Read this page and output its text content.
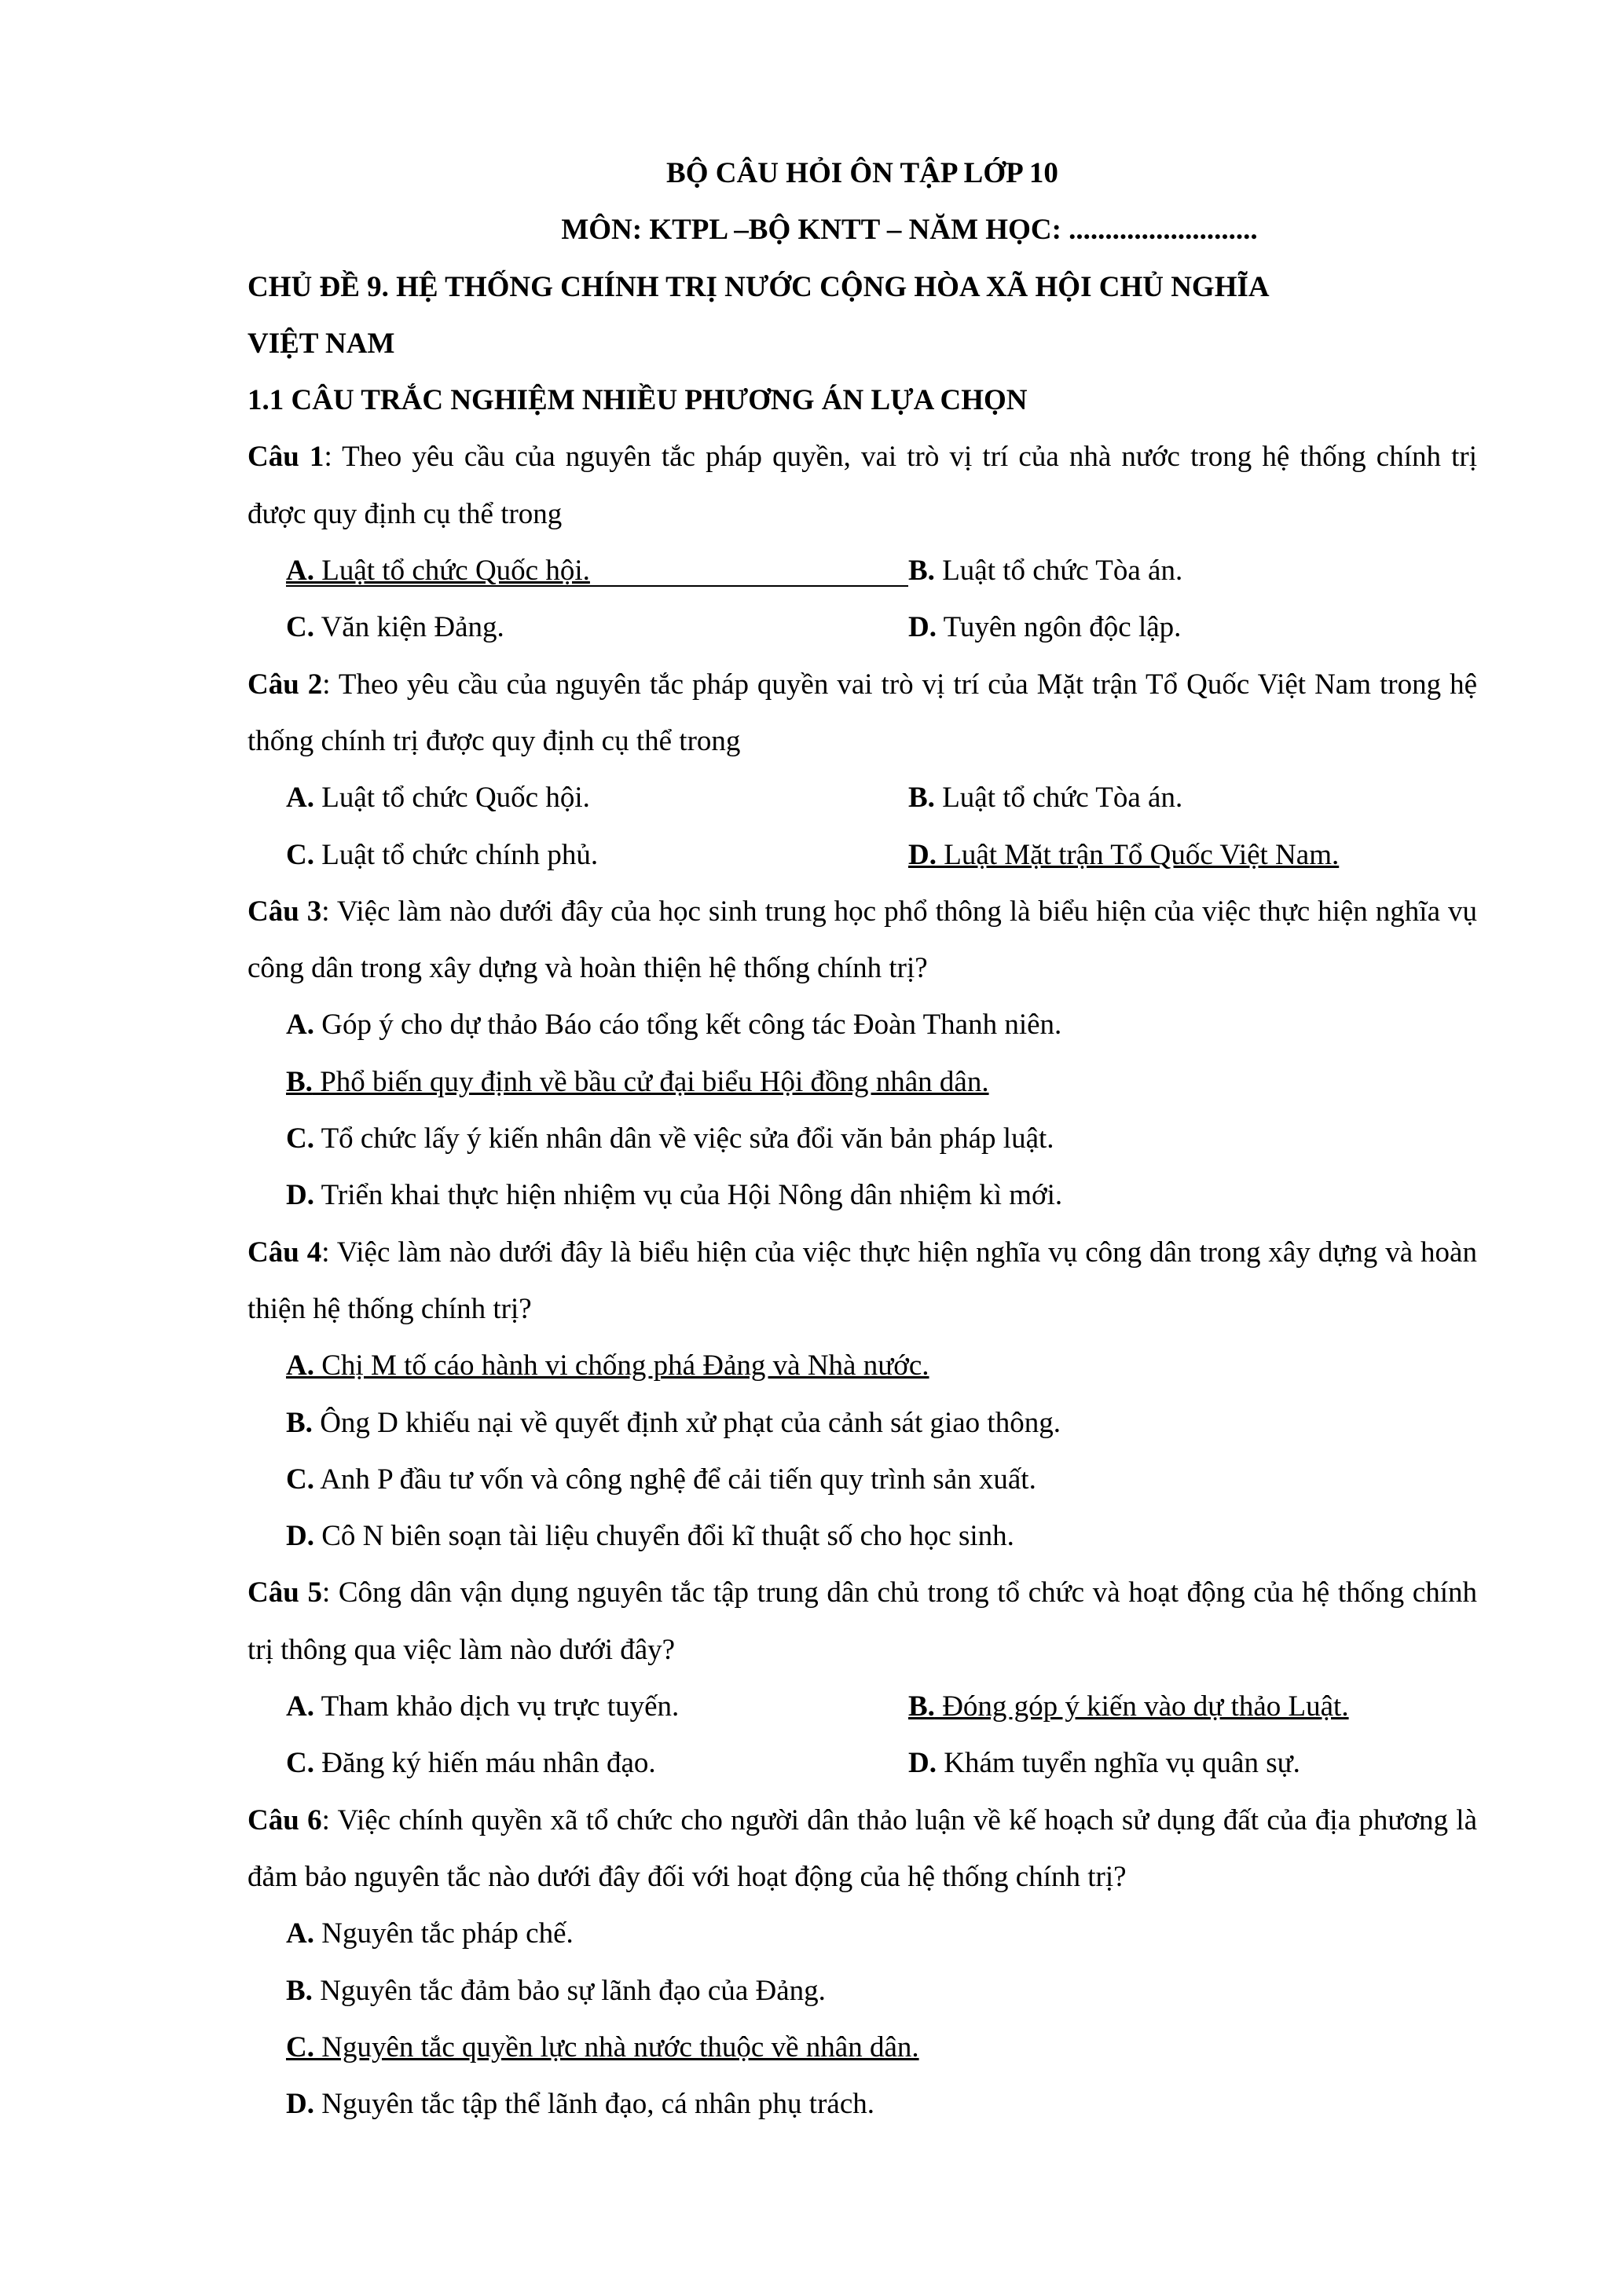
BỘ CÂU HỎI ÔN TẬP LỚP 10
MÔN: KTPL –BỘ KNTT – NĂM HỌC: ..........................
CHỦ ĐỀ 9. HỆ THỐNG CHÍNH TRỊ NƯỚC CỘNG HÒA XÃ HỘI CHỦ NGHĨA
VIỆT NAM
1.1 CÂU TRẮC NGHIỆM NHIỀU PHƯƠNG ÁN LỰA CHỌN
Câu 1: Theo yêu cầu của nguyên tắc pháp quyền, vai trò vị trí của nhà nước trong hệ thống chính trị được quy định cụ thể trong
A. Luật tổ chức Quốc hội.	B. Luật tổ chức Tòa án.
C. Văn kiện Đảng.	D. Tuyên ngôn độc lập.
Câu 2: Theo yêu cầu của nguyên tắc pháp quyền vai trò vị trí của Mặt trận Tổ Quốc Việt Nam trong hệ thống chính trị được quy định cụ thể trong
A. Luật tổ chức Quốc hội.	B. Luật tổ chức Tòa án.
C. Luật tổ chức chính phủ.	D. Luật Mặt trận Tổ Quốc Việt Nam.
Câu 3: Việc làm nào dưới đây của học sinh trung học phổ thông là biểu hiện của việc thực hiện nghĩa vụ công dân trong xây dựng và hoàn thiện hệ thống chính trị?
A. Góp ý cho dự thảo Báo cáo tổng kết công tác Đoàn Thanh niên.
B. Phổ biến quy định về bầu cử đại biểu Hội đồng nhân dân.
C. Tổ chức lấy ý kiến nhân dân về việc sửa đổi văn bản pháp luật.
D. Triển khai thực hiện nhiệm vụ của Hội Nông dân nhiệm kì mới.
Câu 4: Việc làm nào dưới đây là biểu hiện của việc thực hiện nghĩa vụ công dân trong xây dựng và hoàn thiện hệ thống chính trị?
A. Chị M tố cáo hành vi chống phá Đảng và Nhà nước.
B. Ông D khiếu nại về quyết định xử phạt của cảnh sát giao thông.
C. Anh P đầu tư vốn và công nghệ để cải tiến quy trình sản xuất.
D. Cô N biên soạn tài liệu chuyển đổi kĩ thuật số cho học sinh.
Câu 5: Công dân vận dụng nguyên tắc tập trung dân chủ trong tổ chức và hoạt động của hệ thống chính trị thông qua việc làm nào dưới đây?
A. Tham khảo dịch vụ trực tuyến.	B. Đóng góp ý kiến vào dự thảo Luật.
C. Đăng ký hiến máu nhân đạo.	D. Khám tuyển nghĩa vụ quân sự.
Câu 6: Việc chính quyền xã tổ chức cho người dân thảo luận về kế hoạch sử dụng đất của địa phương là đảm bảo nguyên tắc nào dưới đây đối với hoạt động của hệ thống chính trị?
A. Nguyên tắc pháp chế.
B. Nguyên tắc đảm bảo sự lãnh đạo của Đảng.
C. Nguyên tắc quyền lực nhà nước thuộc về nhân dân.
D. Nguyên tắc tập thể lãnh đạo, cá nhân phụ trách.
